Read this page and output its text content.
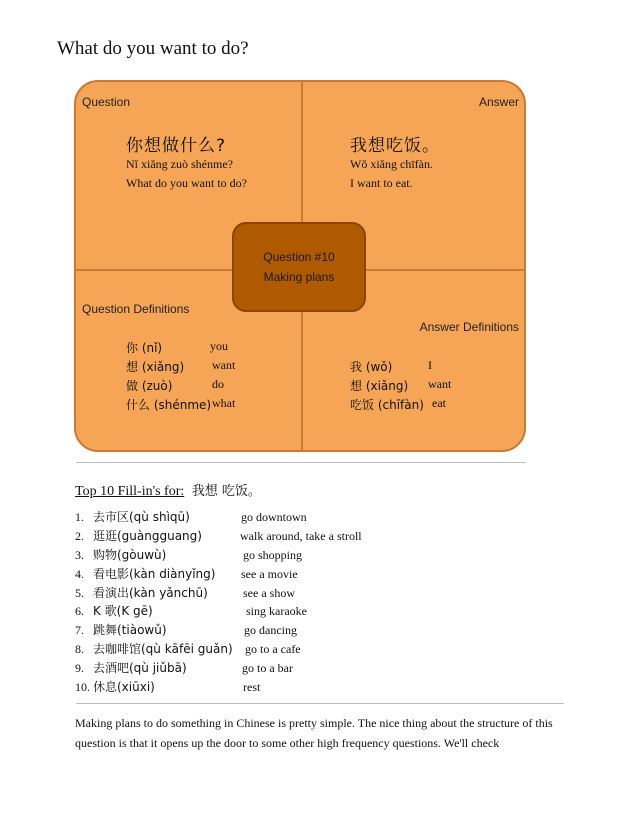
What do you want to do?
Question	Answer
你想做什么?
Nǐ xiǎng zuò shénme?
What do you want to do?
我想吃饭。
Wǒ xiǎng chīfàn.
I want to eat.
Question #10
Making plans
Question Definitions
Answer Definitions
你 (nǐ)	you
想 (xiǎng) want
做 (zuò)	do
什么 (shénme) what
我 (wǒ)	I
想 (xiǎng) want
吃饭 (chīfàn) eat
Top 10 Fill-in's for: 我想 吃饭。
1. 去市区(qù shìqū)	go downtown
2. 逛逛(guàngguang)	walk around, take a stroll
3. 购物(gòuwù)	go shopping
4. 看电影(kàn diànyǐng) see a movie
5. 看演出(kàn yǎnchū)	see a show
6. K 歌(K gē)	sing karaoke
7. 跳舞(tiàowǔ)	go dancing
8. 去咖啡馆(qù kāfēi guǎn) go to a cafe
9. 去酒吧(qù jiǔbā)	go to a bar
10. 休息(xiūxi)	rest
Making plans to do something in Chinese is pretty simple. The nice thing about the structure of this question is that it opens up the door to some other high frequency questions. We'll check
